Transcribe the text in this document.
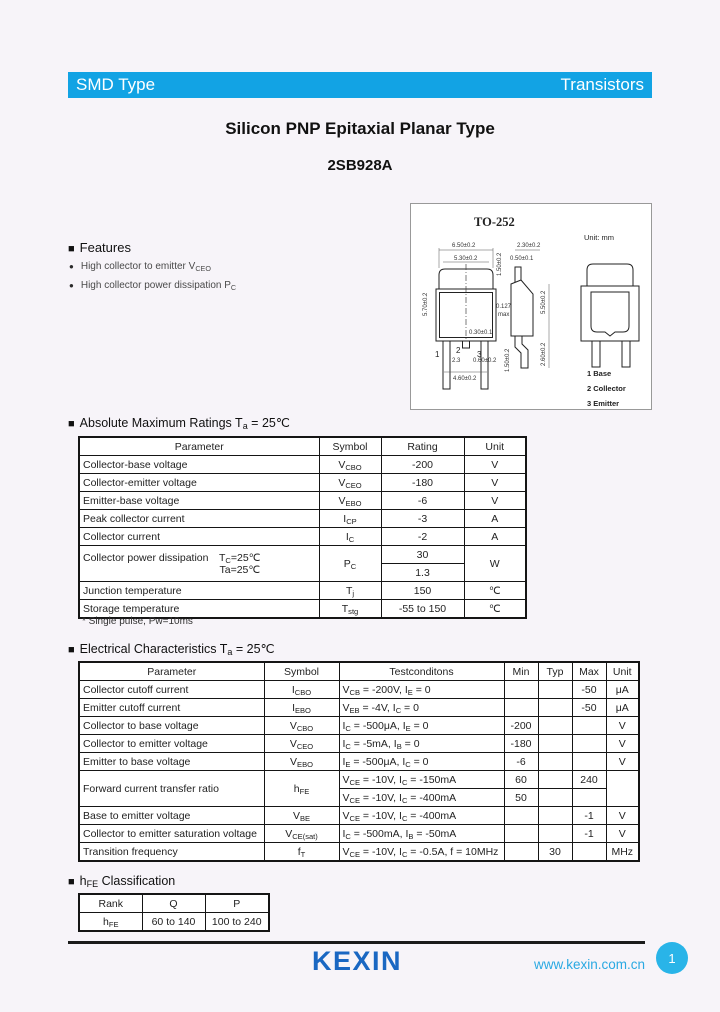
SMD Type	Transistors
Silicon PNP Epitaxial Planar Type
2SB928A
■ Features
● High collector to emitter $V_{CEO}$
● High collector power dissipation $P_C$
TO-252
Unit: mm
6.50±0.2
5.30±0.2	1.50±0.2
5.70±0.2
0.30±0.1
1 2 3
2.3 0.60±0.2
4.60±0.2
2.30±0.2
0.50±0.1
0.127
max
5.50±0.2
2.60±0.2
1.50±0.2
1 Base
2 Collector
3 Emitter
■ Absolute Maximum Ratings $T_a$ = 25℃
Parameter	Symbol	Rating	Unit
Collector-base voltage	$V_{CBO}$	-200	V
Collector-emitter voltage	$V_{CEO}$	-180	V
Emitter-base voltage	$V_{EBO}$	-6	V
Peak collector current	$I_{CP}$	-3	A
Collector current	$I_C$	-2	A
Collector power dissipation  $T_C=25℃$
             Ta=25℃	$P_C$	30	W
		1.3	
Junction temperature	$T_j$	150	℃
Storage temperature	$T_{stg}$	-55 to 150	℃
* Single pulse, Pw=10ms
■ Electrical Characteristics $T_a$ = 25℃
Parameter	Symbol	Testconditons	Min	Typ	Max	Unit
Collector cutoff current	$I_{CBO}$	$V_{CB} = -200V$, $I_E = 0$			-50	μA
Emitter cutoff current	$I_{EBO}$	$V_{EB} = -4V$, $I_C = 0$			-50	μA
Collector to base voltage	$V_{CBO}$	$I_C = -500\mu A$, $I_E = 0$	-200			V
Collector to emitter voltage	$V_{CEO}$	$I_C = -5mA$, $I_B = 0$	-180			V
Emitter to base voltage	$V_{EBO}$	$I_E = -500\mu A$, $I_C = 0$	-6			V
Forward current transfer ratio	$h_{FE}$	$V_{CE} = -10V$, $I_C = -150mA$	60		240	
		$V_{CE} = -10V$, $I_C = -400mA$	50			
Base to emitter voltage	$V_{BE}$	$V_{CE} = -10V$, $I_C = -400mA$			-1	V
Collector to emitter saturation voltage	$V_{CE(sat)}$	$I_C = -500mA$, $I_B = -50mA$			-1	V
Transition frequency	$f_T$	$V_{CE} = -10V$, $I_C = -0.5A$, f = 10MHz		30		MHz
■ $h_{FE}$ Classification
Rank	Q	P
$h_{FE}$	60 to 140	100 to 240
KEXIN	www.kexin.com.cn 1
